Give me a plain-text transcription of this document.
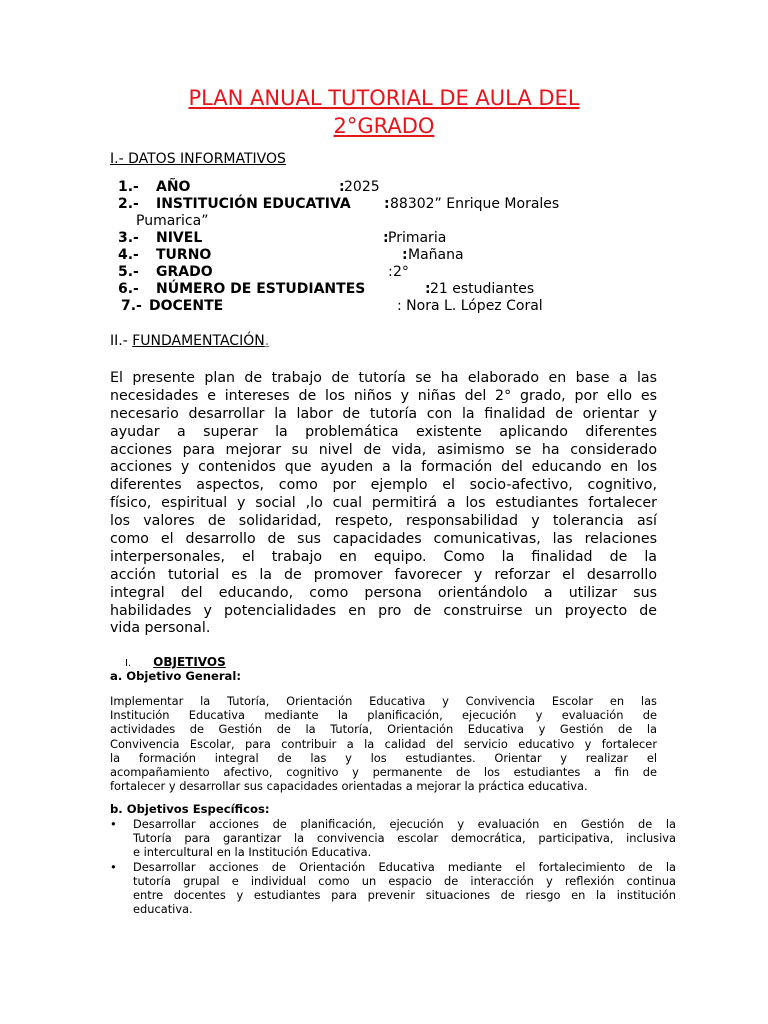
PLAN ANUAL TUTORIAL DE AULA DEL
2°GRADO
I.- DATOS INFORMATIVOS
1.- AÑO	: 2025
2.- INSTITUCIÓN EDUCATIVA : 88302” Enrique Morales
Pumarica”
3.- NIVEL	: Primaria
4.- TURNO	: Mañana
5.- GRADO	: 2°
6.- NÚMERO DE ESTUDIANTES	: 21 estudiantes
7.- DOCENTE	: Nora L. López Coral
II.- FUNDAMENTACIÓN.
El presente plan de trabajo de tutoría se ha elaborado en base a las
necesidades e intereses de los niños y niñas del 2° grado, por ello es
necesario desarrollar la labor de tutoría con la finalidad de orientar y
ayudar a superar la problemática existente aplicando diferentes
acciones para mejorar su nivel de vida, asimismo se ha considerado
acciones y contenidos que ayuden a la formación del educando en los
diferentes aspectos, como por ejemplo el socio-afectivo, cognitivo,
físico, espiritual y social ,lo cual permitirá a los estudiantes fortalecer
los valores de solidaridad, respeto, responsabilidad y tolerancia así
como el desarrollo de sus capacidades comunicativas, las relaciones
interpersonales, el trabajo en equipo. Como la finalidad de la
acción tutorial es la de promover favorecer y reforzar el desarrollo
integral del educando, como persona orientándolo a utilizar sus
habilidades y potencialidades en pro de construirse un proyecto de
vida personal.
I. OBJETIVOS
a. Objetivo General:
Implementar la Tutoría, Orientación Educativa y Convivencia Escolar en las
Institución Educativa mediante la planificación, ejecución y evaluación de
actividades de Gestión de la Tutoría, Orientación Educativa y Gestión de la
Convivencia Escolar, para contribuir a la calidad del servicio educativo y fortalecer
la formación integral de las y los estudiantes. Orientar y realizar el
acompañamiento afectivo, cognitivo y permanente de los estudiantes a fin de
fortalecer y desarrollar sus capacidades orientadas a mejorar la práctica educativa.
b. Objetivos Específicos:
• Desarrollar acciones de planificación, ejecución y evaluación en Gestión de la
Tutoría para garantizar la convivencia escolar democrática, participativa, inclusiva
e intercultural en la Institución Educativa.
• Desarrollar acciones de Orientación Educativa mediante el fortalecimiento de la
tutoría grupal e individual como un espacio de interacción y reflexión continua
entre docentes y estudiantes para prevenir situaciones de riesgo en la institución
educativa.
